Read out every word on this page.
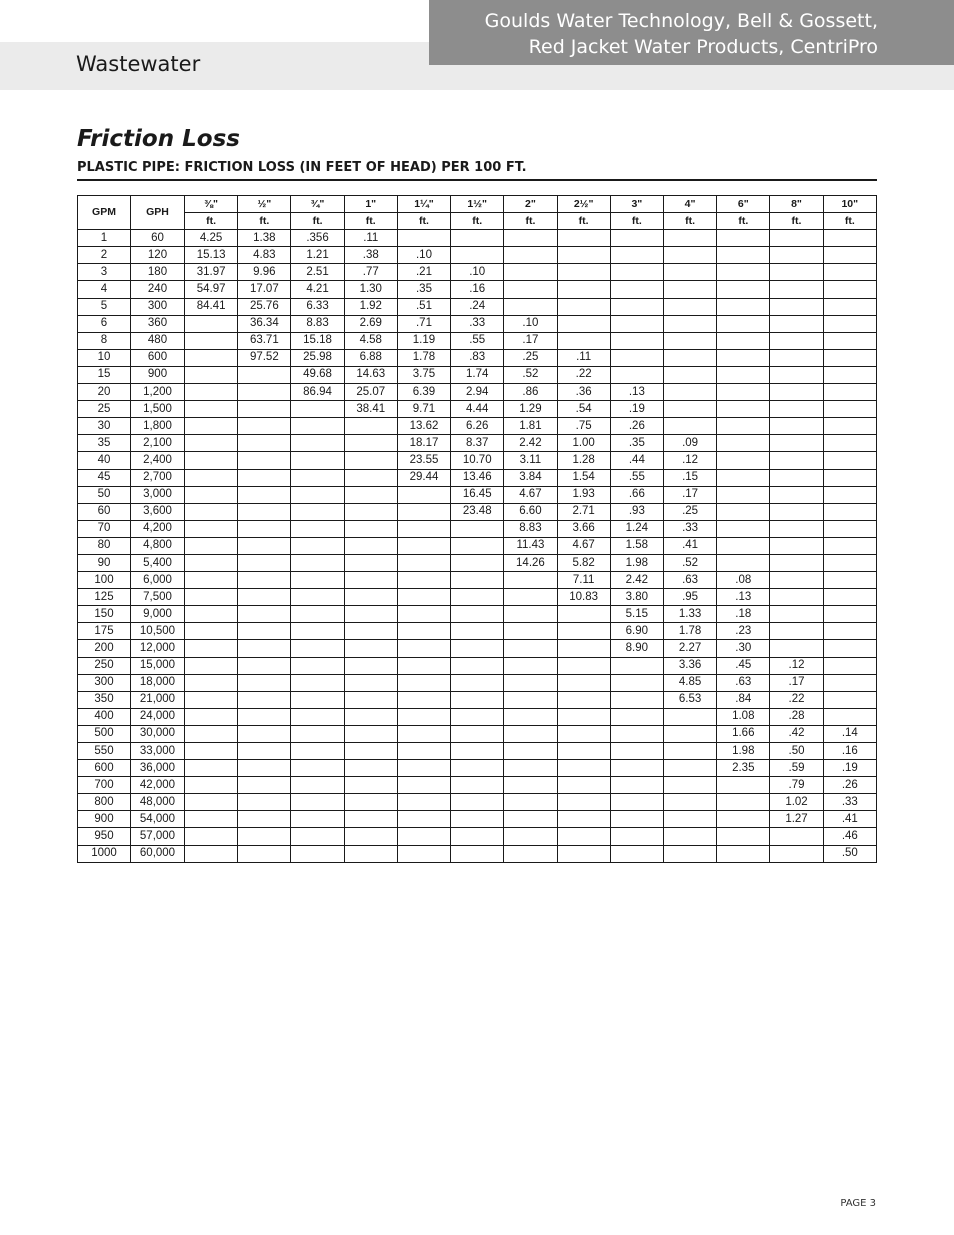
Wastewater
Goulds Water Technology, Bell & Gossett,
Red Jacket Water Products, CentriPro
Friction Loss
PLASTIC PIPE: FRICTION LOSS (IN FEET OF HEAD) PER 100 FT.
GPM	GPH	⅜"	½"	¾"	1"	1¼"	1½"	2"	2½"	3"	4"	6"	8"	10"
		ft.	ft.	ft.	ft.	ft.	ft.	ft.	ft.	ft.	ft.	ft.	ft.	ft.
1	60	4.25	1.38	.356	.11									
2	120	15.13	4.83	1.21	.38	.10								
3	180	31.97	9.96	2.51	.77	.21	.10							
4	240	54.97	17.07	4.21	1.30	.35	.16							
5	300	84.41	25.76	6.33	1.92	.51	.24							
6	360		36.34	8.83	2.69	.71	.33	.10						
8	480		63.71	15.18	4.58	1.19	.55	.17						
10	600		97.52	25.98	6.88	1.78	.83	.25	.11					
15	900			49.68	14.63	3.75	1.74	.52	.22					
20	1,200			86.94	25.07	6.39	2.94	.86	.36	.13				
25	1,500				38.41	9.71	4.44	1.29	.54	.19				
30	1,800					13.62	6.26	1.81	.75	.26				
35	2,100					18.17	8.37	2.42	1.00	.35	.09			
40	2,400					23.55	10.70	3.11	1.28	.44	.12			
45	2,700					29.44	13.46	3.84	1.54	.55	.15			
50	3,000						16.45	4.67	1.93	.66	.17			
60	3,600						23.48	6.60	2.71	.93	.25			
70	4,200							8.83	3.66	1.24	.33			
80	4,800							11.43	4.67	1.58	.41			
90	5,400							14.26	5.82	1.98	.52			
100	6,000								7.11	2.42	.63	.08		
125	7,500								10.83	3.80	.95	.13		
150	9,000									5.15	1.33	.18		
175	10,500									6.90	1.78	.23		
200	12,000									8.90	2.27	.30		
250	15,000										3.36	.45	.12	
300	18,000										4.85	.63	.17	
350	21,000										6.53	.84	.22	
400	24,000											1.08	.28	
500	30,000											1.66	.42	.14
550	33,000											1.98	.50	.16
600	36,000											2.35	.59	.19
700	42,000												.79	.26
800	48,000												1.02	.33
900	54,000												1.27	.41
950	57,000													.46
1000	60,000													.50
PAGE 3
